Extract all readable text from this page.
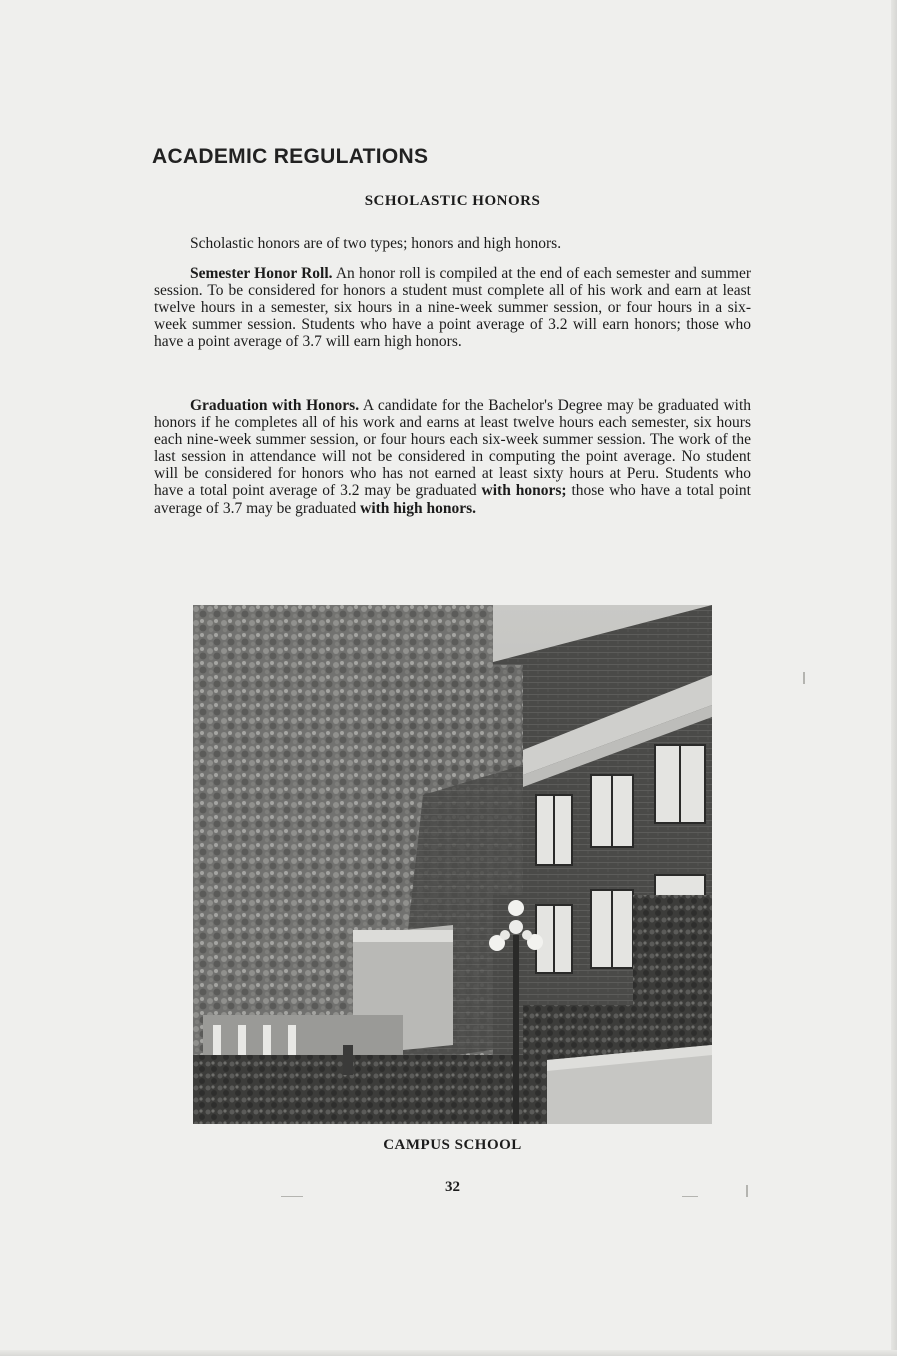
ACADEMIC REGULATIONS
SCHOLASTIC HONORS

Scholastic honors are of two types; honors and high honors.

Semester Honor Roll. An honor roll is compiled at the end of each semester and summer session. To be considered for honors a student must complete all of his work and earn at least twelve hours in a semester, six hours in a nine-week summer session, or four hours in a six-week summer session. Students who have a point average of 3.2 will earn honors; those who have a point average of 3.7 will earn high honors.

Graduation with Honors. A candidate for the Bachelor's Degree may be graduated with honors if he completes all of his work and earns at least twelve hours each semester, six hours each nine-week summer session, or four hours each six-week summer session. The work of the last session in attendance will not be considered in computing the point average. No student will be considered for honors who has not earned at least sixty hours at Peru. Students who have a total point average of 3.2 may be graduated with honors; those who have a total point average of 3.7 may be graduated with high honors.

CAMPUS SCHOOL

32
